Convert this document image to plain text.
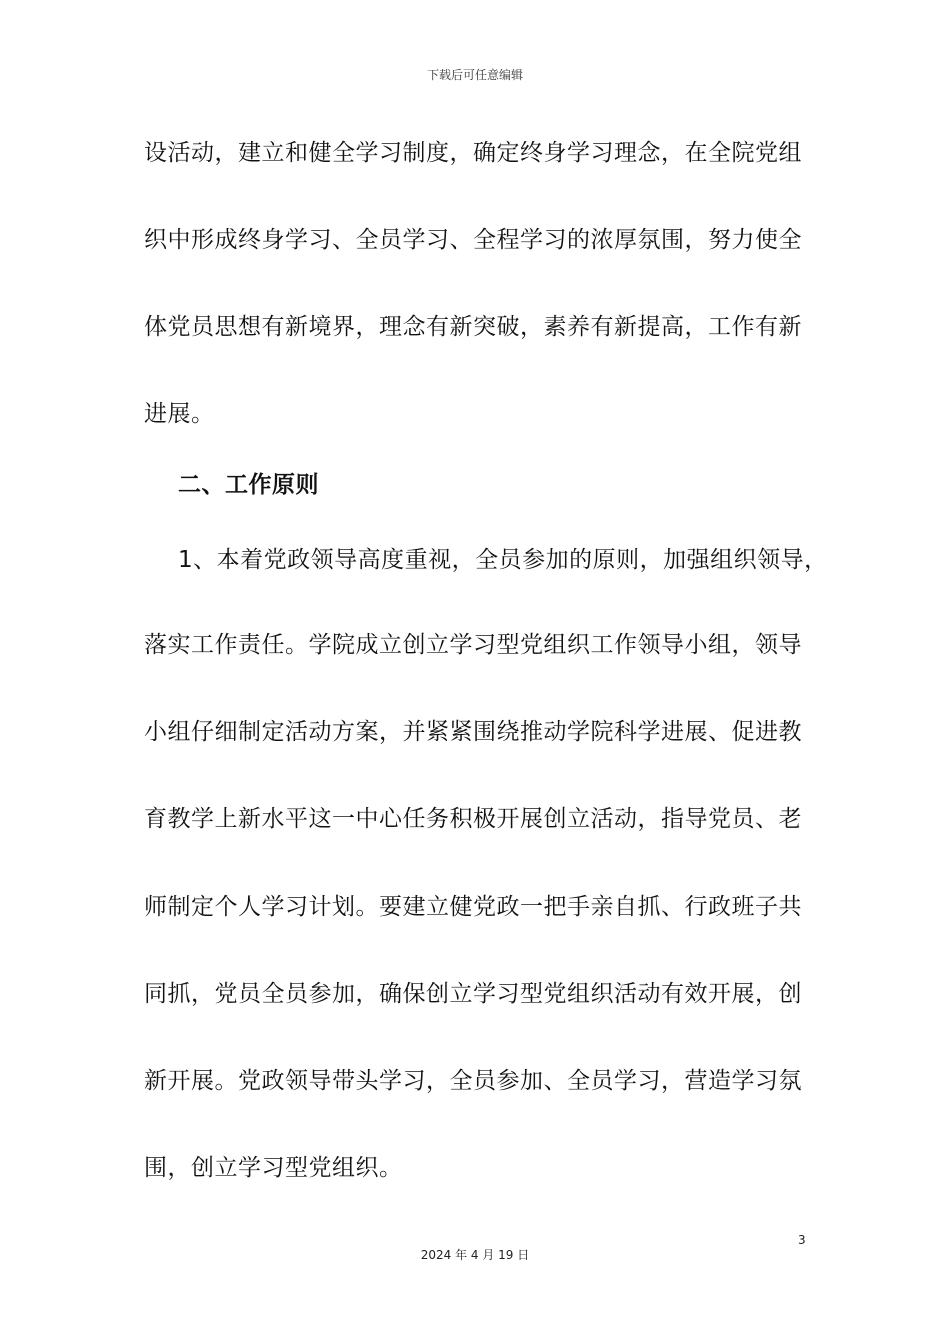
下载后可任意编辑
设活动，建立和健全学习制度，确定终身学习理念，在全院党组
织中形成终身学习、全员学习、全程学习的浓厚氛围，努力使全
体党员思想有新境界，理念有新突破，素养有新提高，工作有新
进展。
二、工作原则
1、本着党政领导高度重视，全员参加的原则，加强组织领导，
落实工作责任。学院成立创立学习型党组织工作领导小组，领导
小组仔细制定活动方案，并紧紧围绕推动学院科学进展、促进教
育教学上新水平这一中心任务积极开展创立活动，指导党员、老
师制定个人学习计划。要建立健党政一把手亲自抓、行政班子共
同抓，党员全员参加，确保创立学习型党组织活动有效开展，创
新开展。党政领导带头学习，全员参加、全员学习，营造学习氛
围，创立学习型党组织。
3
2024 年 4 月 19 日
